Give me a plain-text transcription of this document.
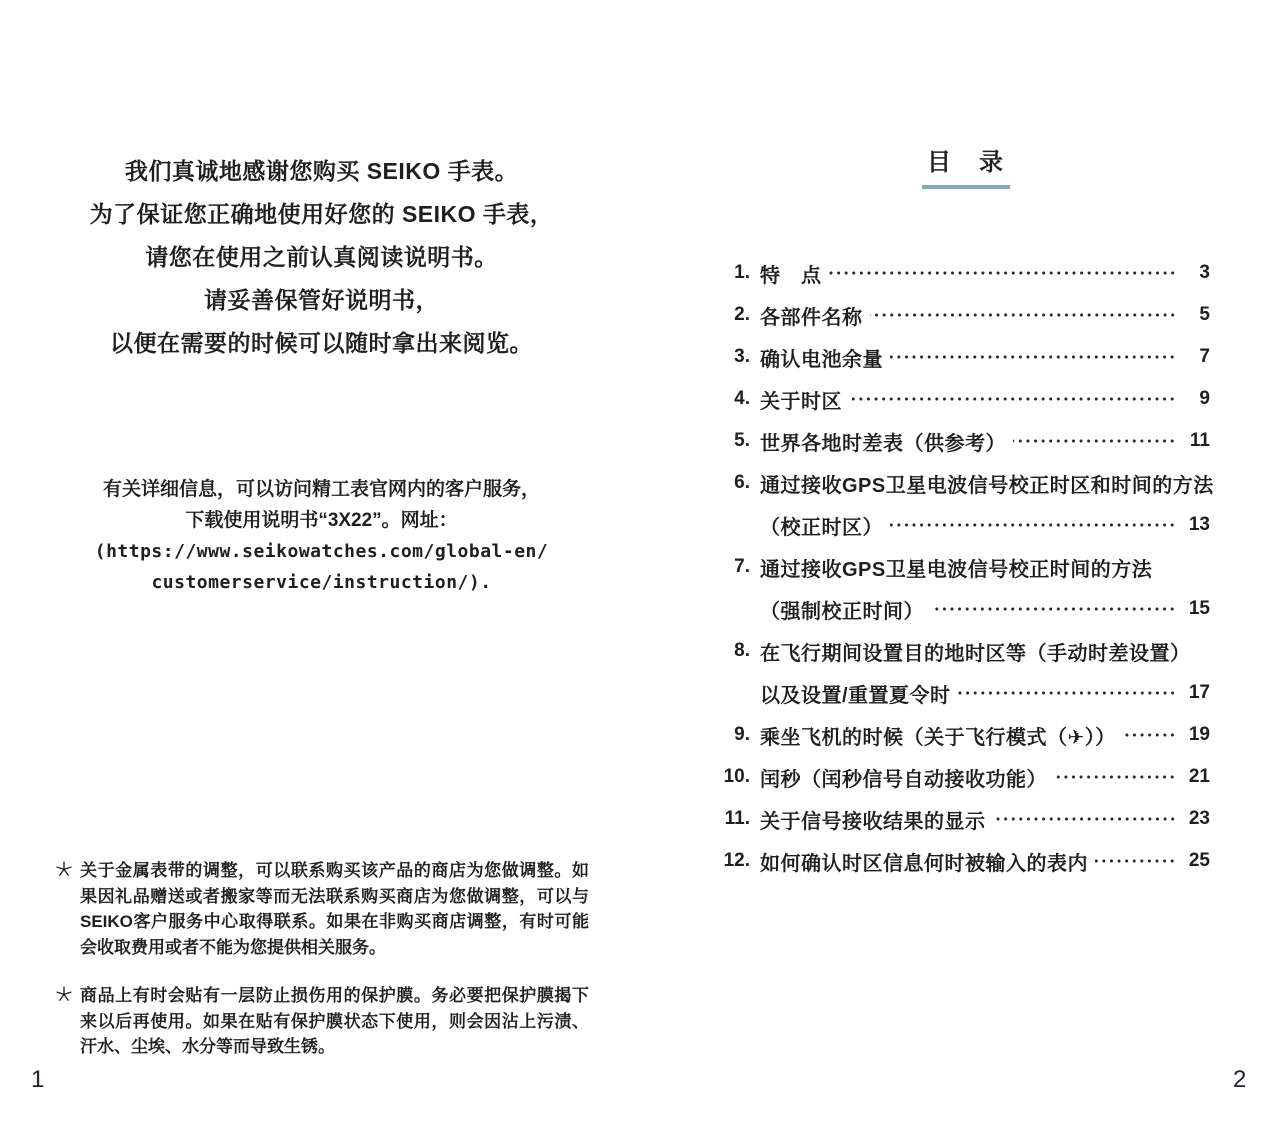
我们真诚地感谢您购买 SEIKO 手表。
为了保证您正确地使用好您的 SEIKO 手表，
请您在使用之前认真阅读说明书。
请妥善保管好说明书，
以便在需要的时候可以随时拿出来阅览。
有关详细信息，可以访问精工表官网内的客户服务，
下载使用说明书“3X22”。网址：
(https://www.seikowatches.com/global-en/
customerservice/instruction/).

关于金属表带的调整，可以联系购买该产品的商店为您做调整。如果因礼品赠送或者搬家等而无法联系购买商店为您做调整，可以与SEIKO客户服务中心取得联系。如果在非购买商店调整，有时可能会收取费用或者不能为您提供相关服务。

商品上有时会贴有一层防止损伤用的保护膜。务必要把保护膜揭下来以后再使用。如果在贴有保护膜状态下使用，则会因沾上污渍、汗水、尘埃、水分等而导致生锈。

1
目　录
1. 特　点	3
2. 各部件名称	5
3. 确认电池余量	7
4. 关于时区	9
5. 世界各地时差表（供参考）	11
6. 通过接收GPS卫星电波信号校正时区和时间的方法
（校正时区）	13
7. 通过接收GPS卫星电波信号校正时间的方法
（强制校正时间）	15
8. 在飞行期间设置目的地时区等（手动时差设置）
以及设置/重置夏令时	17
9. 乘坐飞机的时候（关于飞行模式（✈））	19
10. 闰秒（闰秒信号自动接收功能）	21
11. 关于信号接收结果的显示	23
12. 如何确认时区信息何时被输入的表内	25
2
